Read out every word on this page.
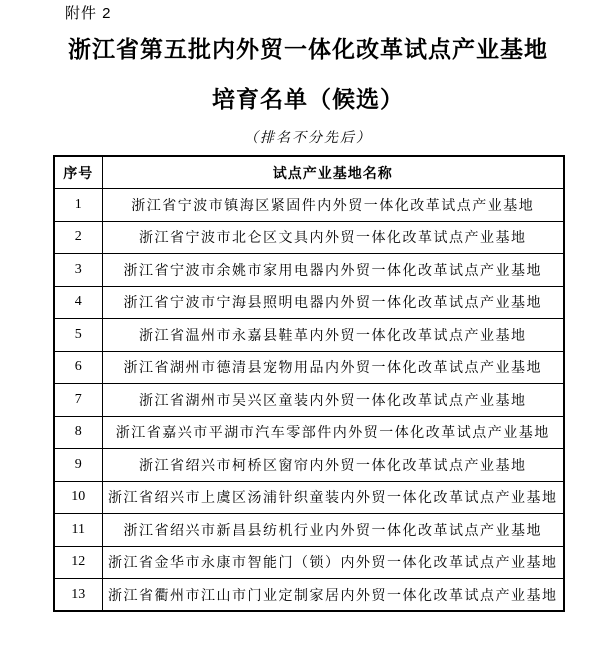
附件 2
浙江省第五批内外贸一体化改革试点产业基地
培育名单（候选）
（排名不分先后）
序号	试点产业基地名称
1	浙江省宁波市镇海区紧固件内外贸一体化改革试点产业基地
2	浙江省宁波市北仑区文具内外贸一体化改革试点产业基地
3	浙江省宁波市余姚市家用电器内外贸一体化改革试点产业基地
4	浙江省宁波市宁海县照明电器内外贸一体化改革试点产业基地
5	浙江省温州市永嘉县鞋革内外贸一体化改革试点产业基地
6	浙江省湖州市德清县宠物用品内外贸一体化改革试点产业基地
7	浙江省湖州市吴兴区童装内外贸一体化改革试点产业基地
8	浙江省嘉兴市平湖市汽车零部件内外贸一体化改革试点产业基地
9	浙江省绍兴市柯桥区窗帘内外贸一体化改革试点产业基地
10	浙江省绍兴市上虞区汤浦针织童装内外贸一体化改革试点产业基地
11	浙江省绍兴市新昌县纺机行业内外贸一体化改革试点产业基地
12	浙江省金华市永康市智能门（锁）内外贸一体化改革试点产业基地
13	浙江省衢州市江山市门业定制家居内外贸一体化改革试点产业基地
